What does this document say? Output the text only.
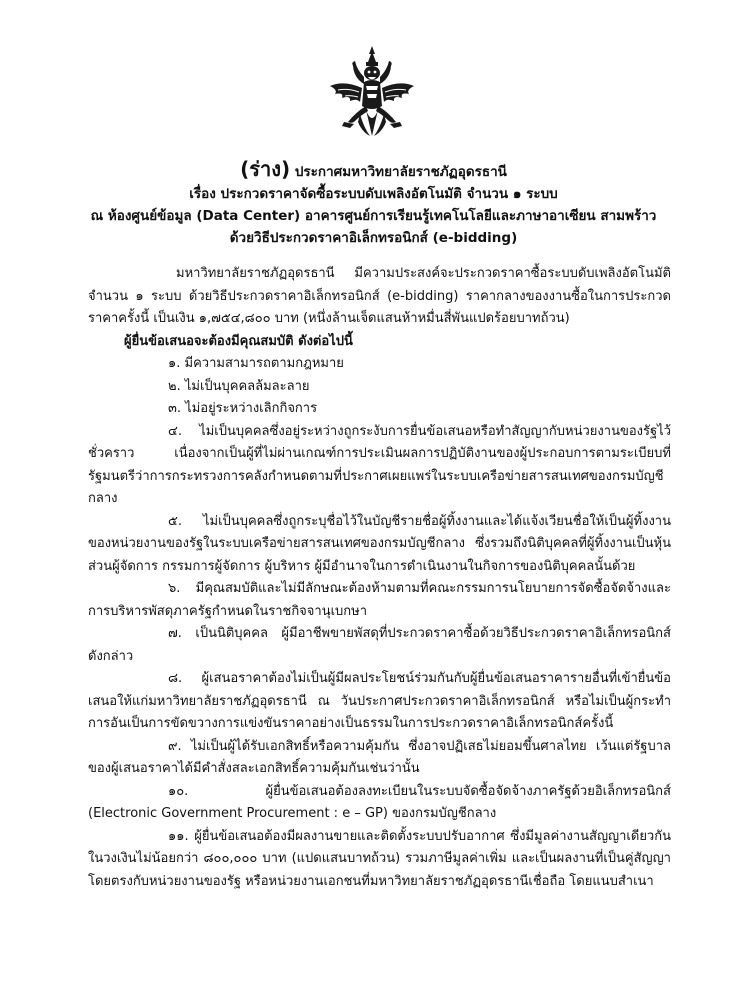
(ร่าง) ประกาศมหาวิทยาลัยราชภัฏอุดรธานี
เรื่อง ประกวดราคาจัดซื้อระบบดับเพลิงอัตโนมัติ จำนวน ๑ ระบบ
ณ ห้องศูนย์ข้อมูล (Data Center) อาคารศูนย์การเรียนรู้เทคโนโลยีและภาษาอาเซียน สามพร้าว
ด้วยวิธีประกวดราคาอิเล็กทรอนิกส์ (e-bidding)

มหาวิทยาลัยราชภัฏอุดรธานี มีความประสงค์จะประกวดราคาซื้อระบบดับเพลิงอัตโนมัติ จำนวน ๑ ระบบ ด้วยวิธีประกวดราคาอิเล็กทรอนิกส์ (e-bidding) ราคากลางของงานซื้อในการประกวดราคาครั้งนี้ เป็นเงิน ๑,๗๕๔,๘๐๐ บาท (หนึ่งล้านเจ็ดแสนห้าหมื่นสี่พันแปดร้อยบาทถ้วน)

ผู้ยื่นข้อเสนอจะต้องมีคุณสมบัติ ดังต่อไปนี้

๑. มีความสามารถตามกฎหมาย

๒. ไม่เป็นบุคคลล้มละลาย

๓. ไม่อยู่ระหว่างเลิกกิจการ

๔. ไม่เป็นบุคคลซึ่งอยู่ระหว่างถูกระงับการยื่นข้อเสนอหรือทำสัญญากับหน่วยงานของรัฐไว้ชั่วคราว เนื่องจากเป็นผู้ที่ไม่ผ่านเกณฑ์การประเมินผลการปฏิบัติงานของผู้ประกอบการตามระเบียบที่รัฐมนตรีว่าการกระทรวงการคลังกำหนดตามที่ประกาศเผยแพร่ในระบบเครือข่ายสารสนเทศของกรมบัญชีกลาง

๕. ไม่เป็นบุคคลซึ่งถูกระบุชื่อไว้ในบัญชีรายชื่อผู้ทิ้งงานและได้แจ้งเวียนชื่อให้เป็นผู้ทิ้งงานของหน่วยงานของรัฐในระบบเครือข่ายสารสนเทศของกรมบัญชีกลาง ซึ่งรวมถึงนิติบุคคลที่ผู้ทิ้งงานเป็นหุ้นส่วนผู้จัดการ กรรมการผู้จัดการ ผู้บริหาร ผู้มีอำนาจในการดำเนินงานในกิจการของนิติบุคคลนั้นด้วย

๖. มีคุณสมบัติและไม่มีลักษณะต้องห้ามตามที่คณะกรรมการนโยบายการจัดซื้อจัดจ้างและการบริหารพัสดุภาครัฐกำหนดในราชกิจจานุเบกษา

๗. เป็นนิติบุคคล ผู้มีอาชีพขายพัสดุที่ประกวดราคาซื้อด้วยวิธีประกวดราคาอิเล็กทรอนิกส์ ดังกล่าว

๘. ผู้เสนอราคาต้องไม่เป็นผู้มีผลประโยชน์ร่วมกันกับผู้ยื่นข้อเสนอราคารายอื่นที่เข้ายื่นข้อเสนอให้แก่มหาวิทยาลัยราชภัฏอุดรธานี ณ วันประกาศประกวดราคาอิเล็กทรอนิกส์ หรือไม่เป็นผู้กระทำการอันเป็นการขัดขวางการแข่งขันราคาอย่างเป็นธรรมในการประกวดราคาอิเล็กทรอนิกส์ครั้งนี้

๙. ไม่เป็นผู้ได้รับเอกสิทธิ์หรือความคุ้มกัน ซึ่งอาจปฏิเสธไม่ยอมขึ้นศาลไทย เว้นแต่รัฐบาลของผู้เสนอราคาได้มีคำสั่งสละเอกสิทธิ์ความคุ้มกันเช่นว่านั้น

๑๐. ผู้ยื่นข้อเสนอต้องลงทะเบียนในระบบจัดซื้อจัดจ้างภาครัฐด้วยอิเล็กทรอนิกส์ (Electronic Government Procurement : e – GP) ของกรมบัญชีกลาง

๑๑. ผู้ยื่นข้อเสนอต้องมีผลงานขายและติดตั้งระบบปรับอากาศ ซึ่งมีมูลค่างานสัญญาเดียวกันในวงเงินไม่น้อยกว่า ๘๐๐,๐๐๐ บาท (แปดแสนบาทถ้วน) รวมภาษีมูลค่าเพิ่ม และเป็นผลงานที่เป็นคู่สัญญาโดยตรงกับหน่วยงานของรัฐ หรือหน่วยงานเอกชนที่มหาวิทยาลัยราชภัฏอุดรธานีเชื่อถือ โดยแนบสำเนา
